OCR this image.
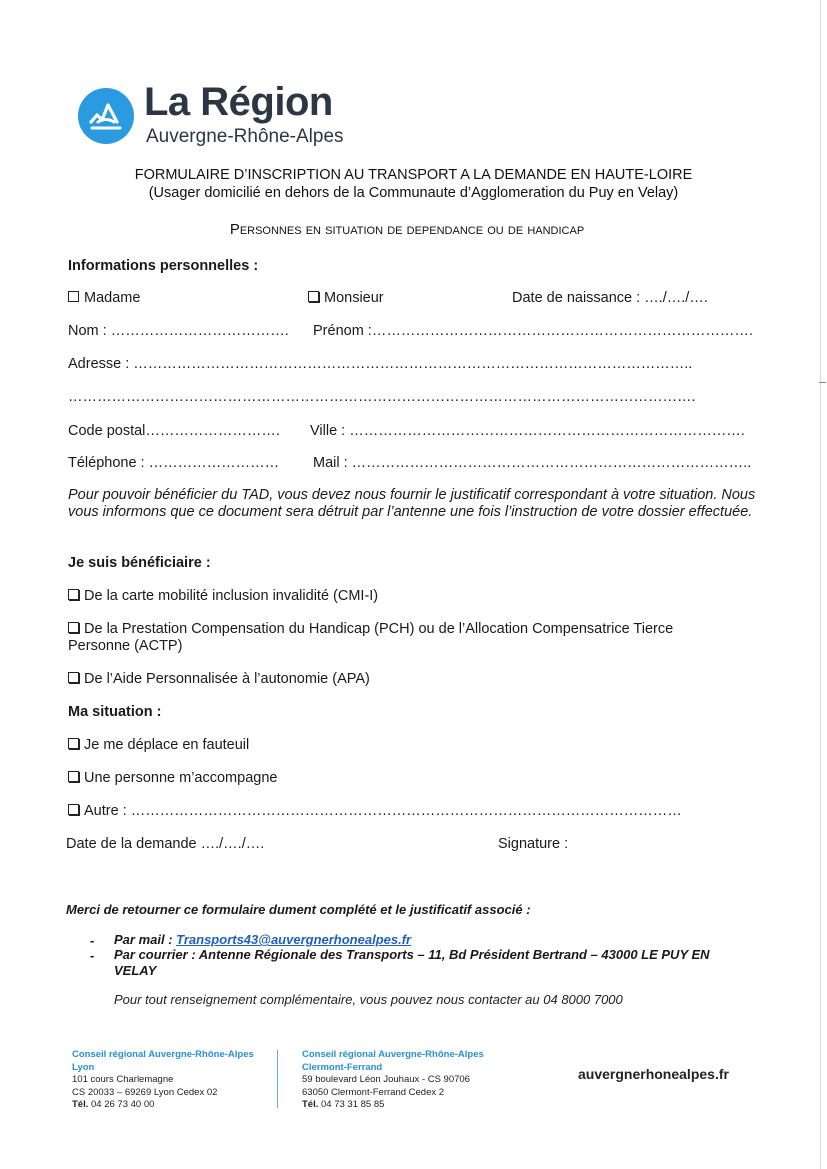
La Région
Auvergne-Rhône-Alpes
FORMULAIRE D’INSCRIPTION AU TRANSPORT A LA DEMANDE EN HAUTE-LOIRE
(Usager domicilié en dehors de la Communaute d’Agglomeration du Puy en Velay)
Personnes en situation de dependance ou de handicap
Informations personnelles :
Madame	Monsieur	Date de naissance : …./…./….
Nom : ………………………………. Prénom :…………………………………………………………………….
Adresse : ……………………………………………………………………………………………………..
………………………………………………………………………………………………………………….
Code postal………………………. Ville : ……………………………………………………………………….
Téléphone : ……………………… Mail : ………………………………………………………………………..
Pour pouvoir bénéficier du TAD, vous devez nous fournir le justificatif correspondant à votre situation. Nous vous informons que ce document sera détruit par l’antenne une fois l’instruction de votre dossier effectuée.
Je suis bénéficiaire :
De la carte mobilité inclusion invalidité (CMI-I)
De la Prestation Compensation du Handicap (PCH) ou de l’Allocation Compensatrice Tierce
Personne (ACTP)
De l’Aide Personnalisée à l’autonomie (APA)
Ma situation :
Je me déplace en fauteuil
Une personne m’accompagne
Autre : ……………………………………………………………………………………………………
Date de la demande …./…./….	Signature :
Merci de retourner ce formulaire dument complété et le justificatif associé :
- Par mail : Transports43@auvergnerhonealpes.fr
- Par courrier : Antenne Régionale des Transports – 11, Bd Président Bertrand – 43000 LE PUY EN
VELAY
Pour tout renseignement complémentaire, vous pouvez nous contacter au 04 8000 7000
Conseil régional Auvergne-Rhône-Alpes
Lyon
101 cours Charlemagne
CS 20033 – 69269 Lyon Cedex 02
Tél. 04 26 73 40 00
Conseil régional Auvergne-Rhône-Alpes
Clermont-Ferrand
59 boulevard Léon Jouhaux - CS 90706
63050 Clermont-Ferrand Cedex 2
Tél. 04 73 31 85 85
auvergnerhonealpes.fr
